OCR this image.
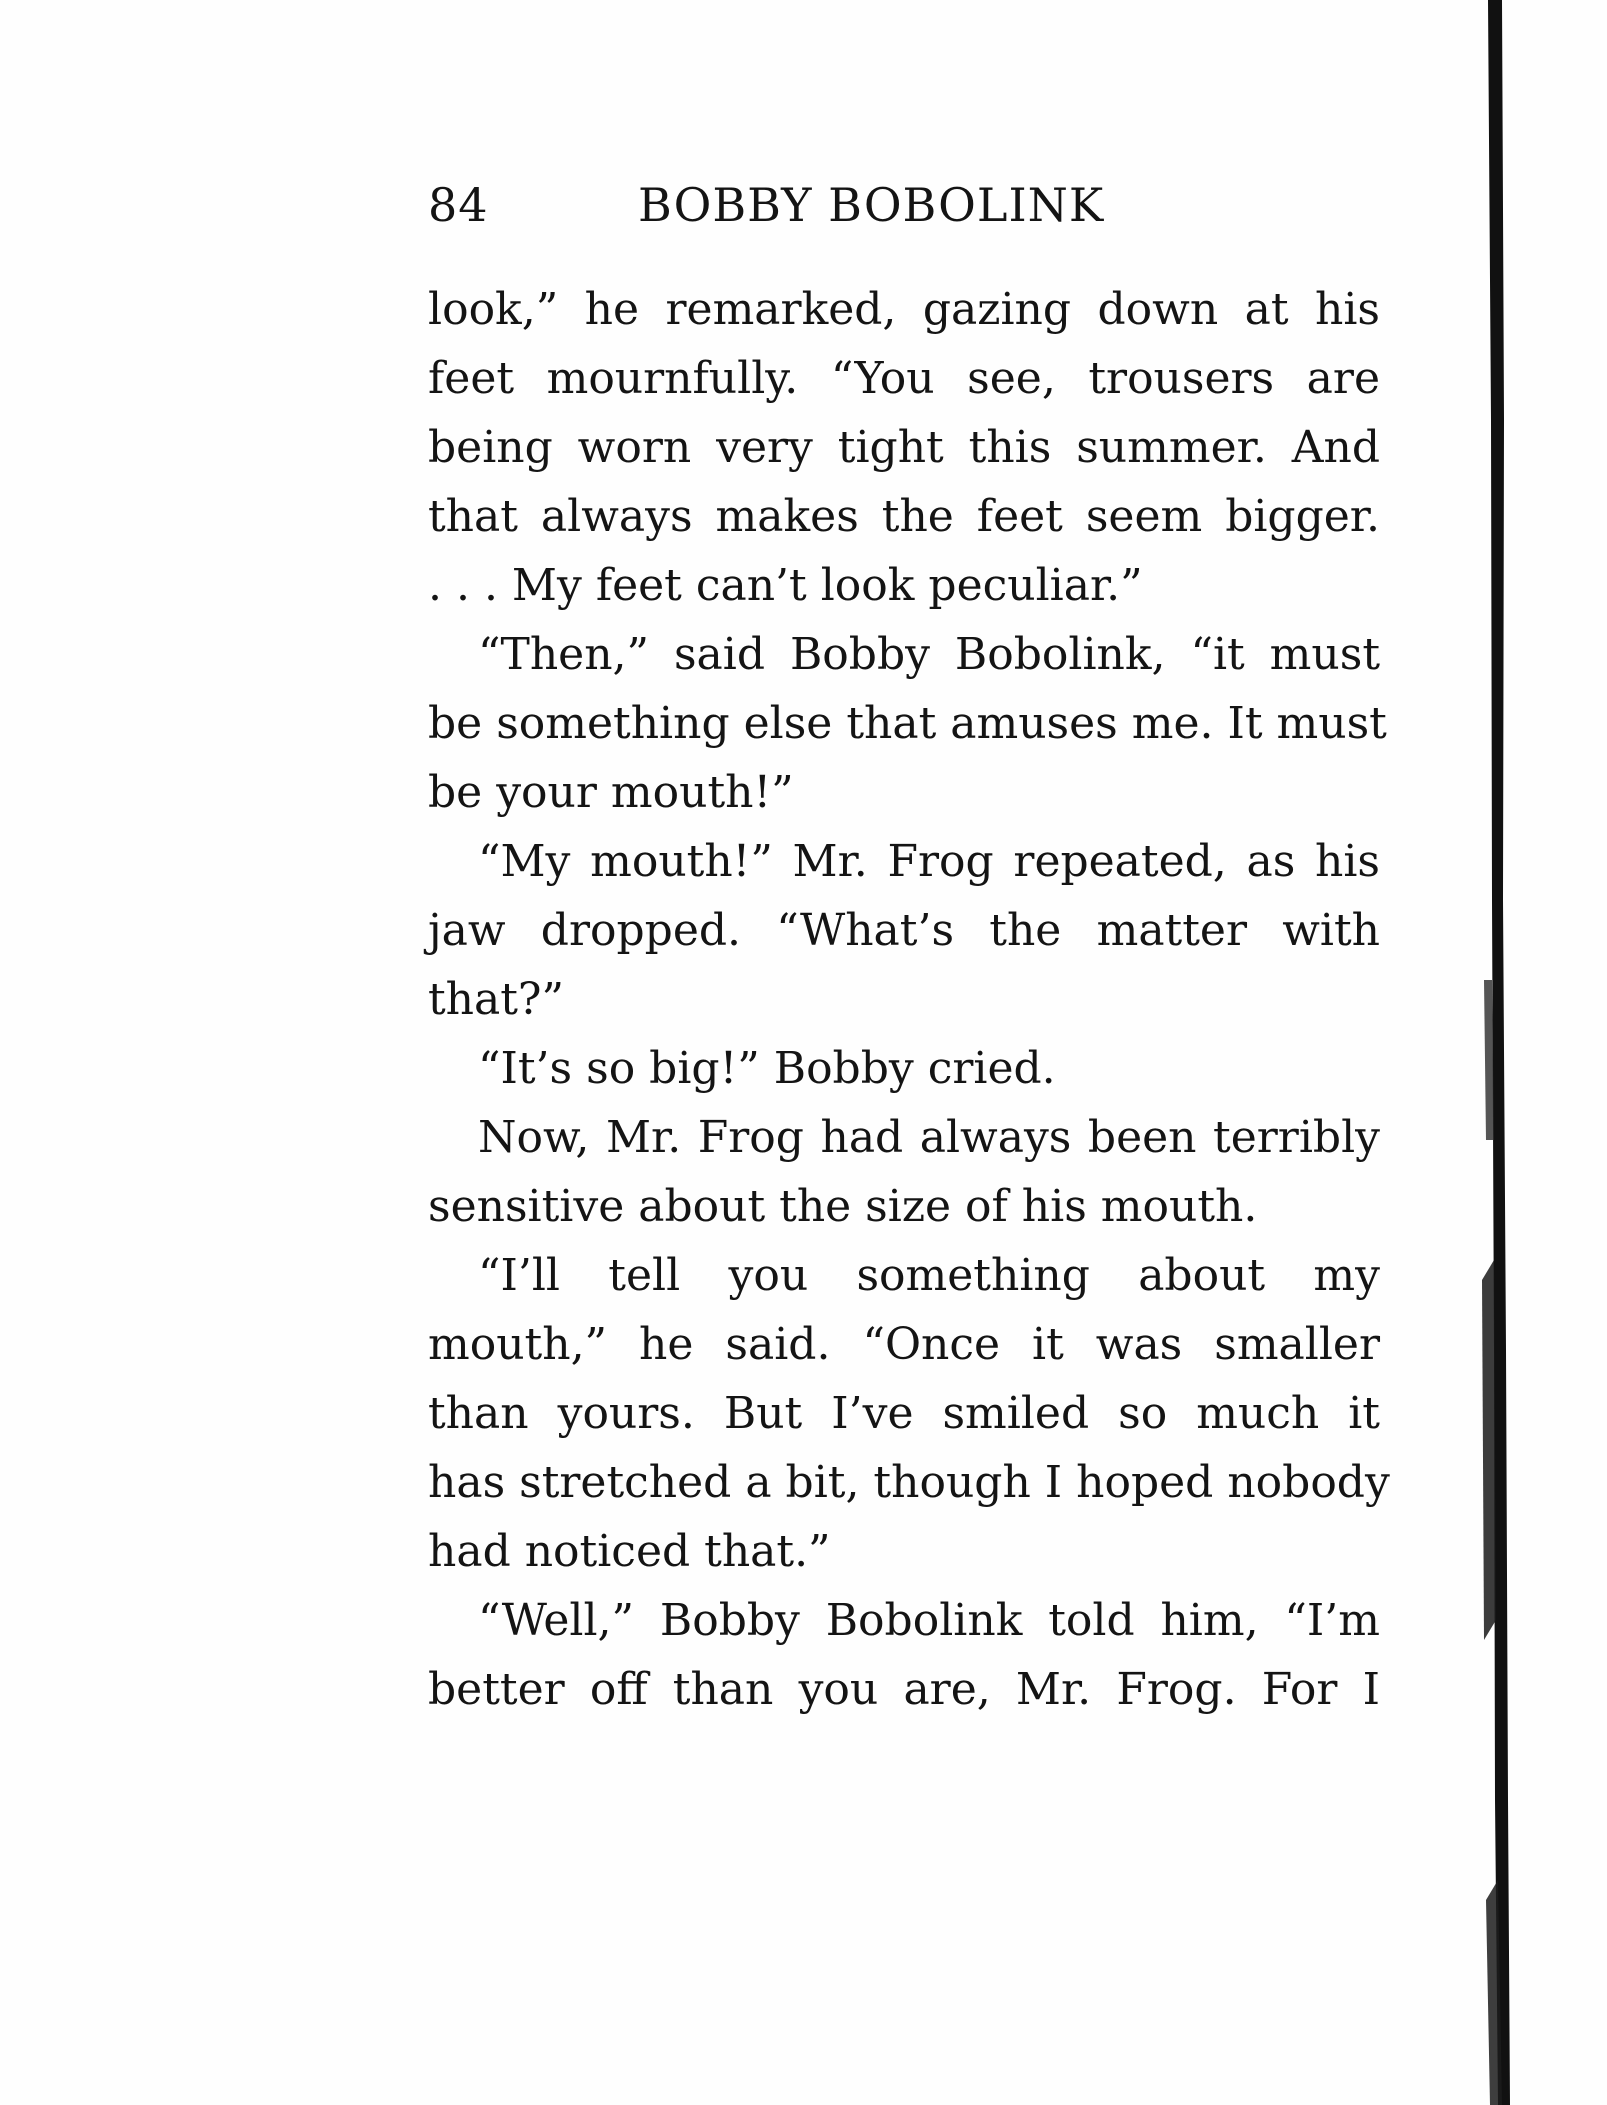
84	BOBBY BOBOLINK
look,” he remarked, gazing down at his
feet mournfully. “You see, trousers are
being worn very tight this summer. And
that always makes the feet seem bigger.
. . . My feet can’t look peculiar.”
“Then,” said Bobby Bobolink, “it must
be something else that amuses me. It must
be your mouth!”
“My mouth!” Mr. Frog repeated, as his
jaw dropped. “What’s the matter with
that?”
“It’s so big!” Bobby cried.
Now, Mr. Frog had always been terribly
sensitive about the size of his mouth.
“I’ll tell you something about my
mouth,” he said. “Once it was smaller
than yours. But I’ve smiled so much it
has stretched a bit, though I hoped nobody
had noticed that.”
“Well,” Bobby Bobolink told him, “I’m
better off than you are, Mr. Frog. For I
